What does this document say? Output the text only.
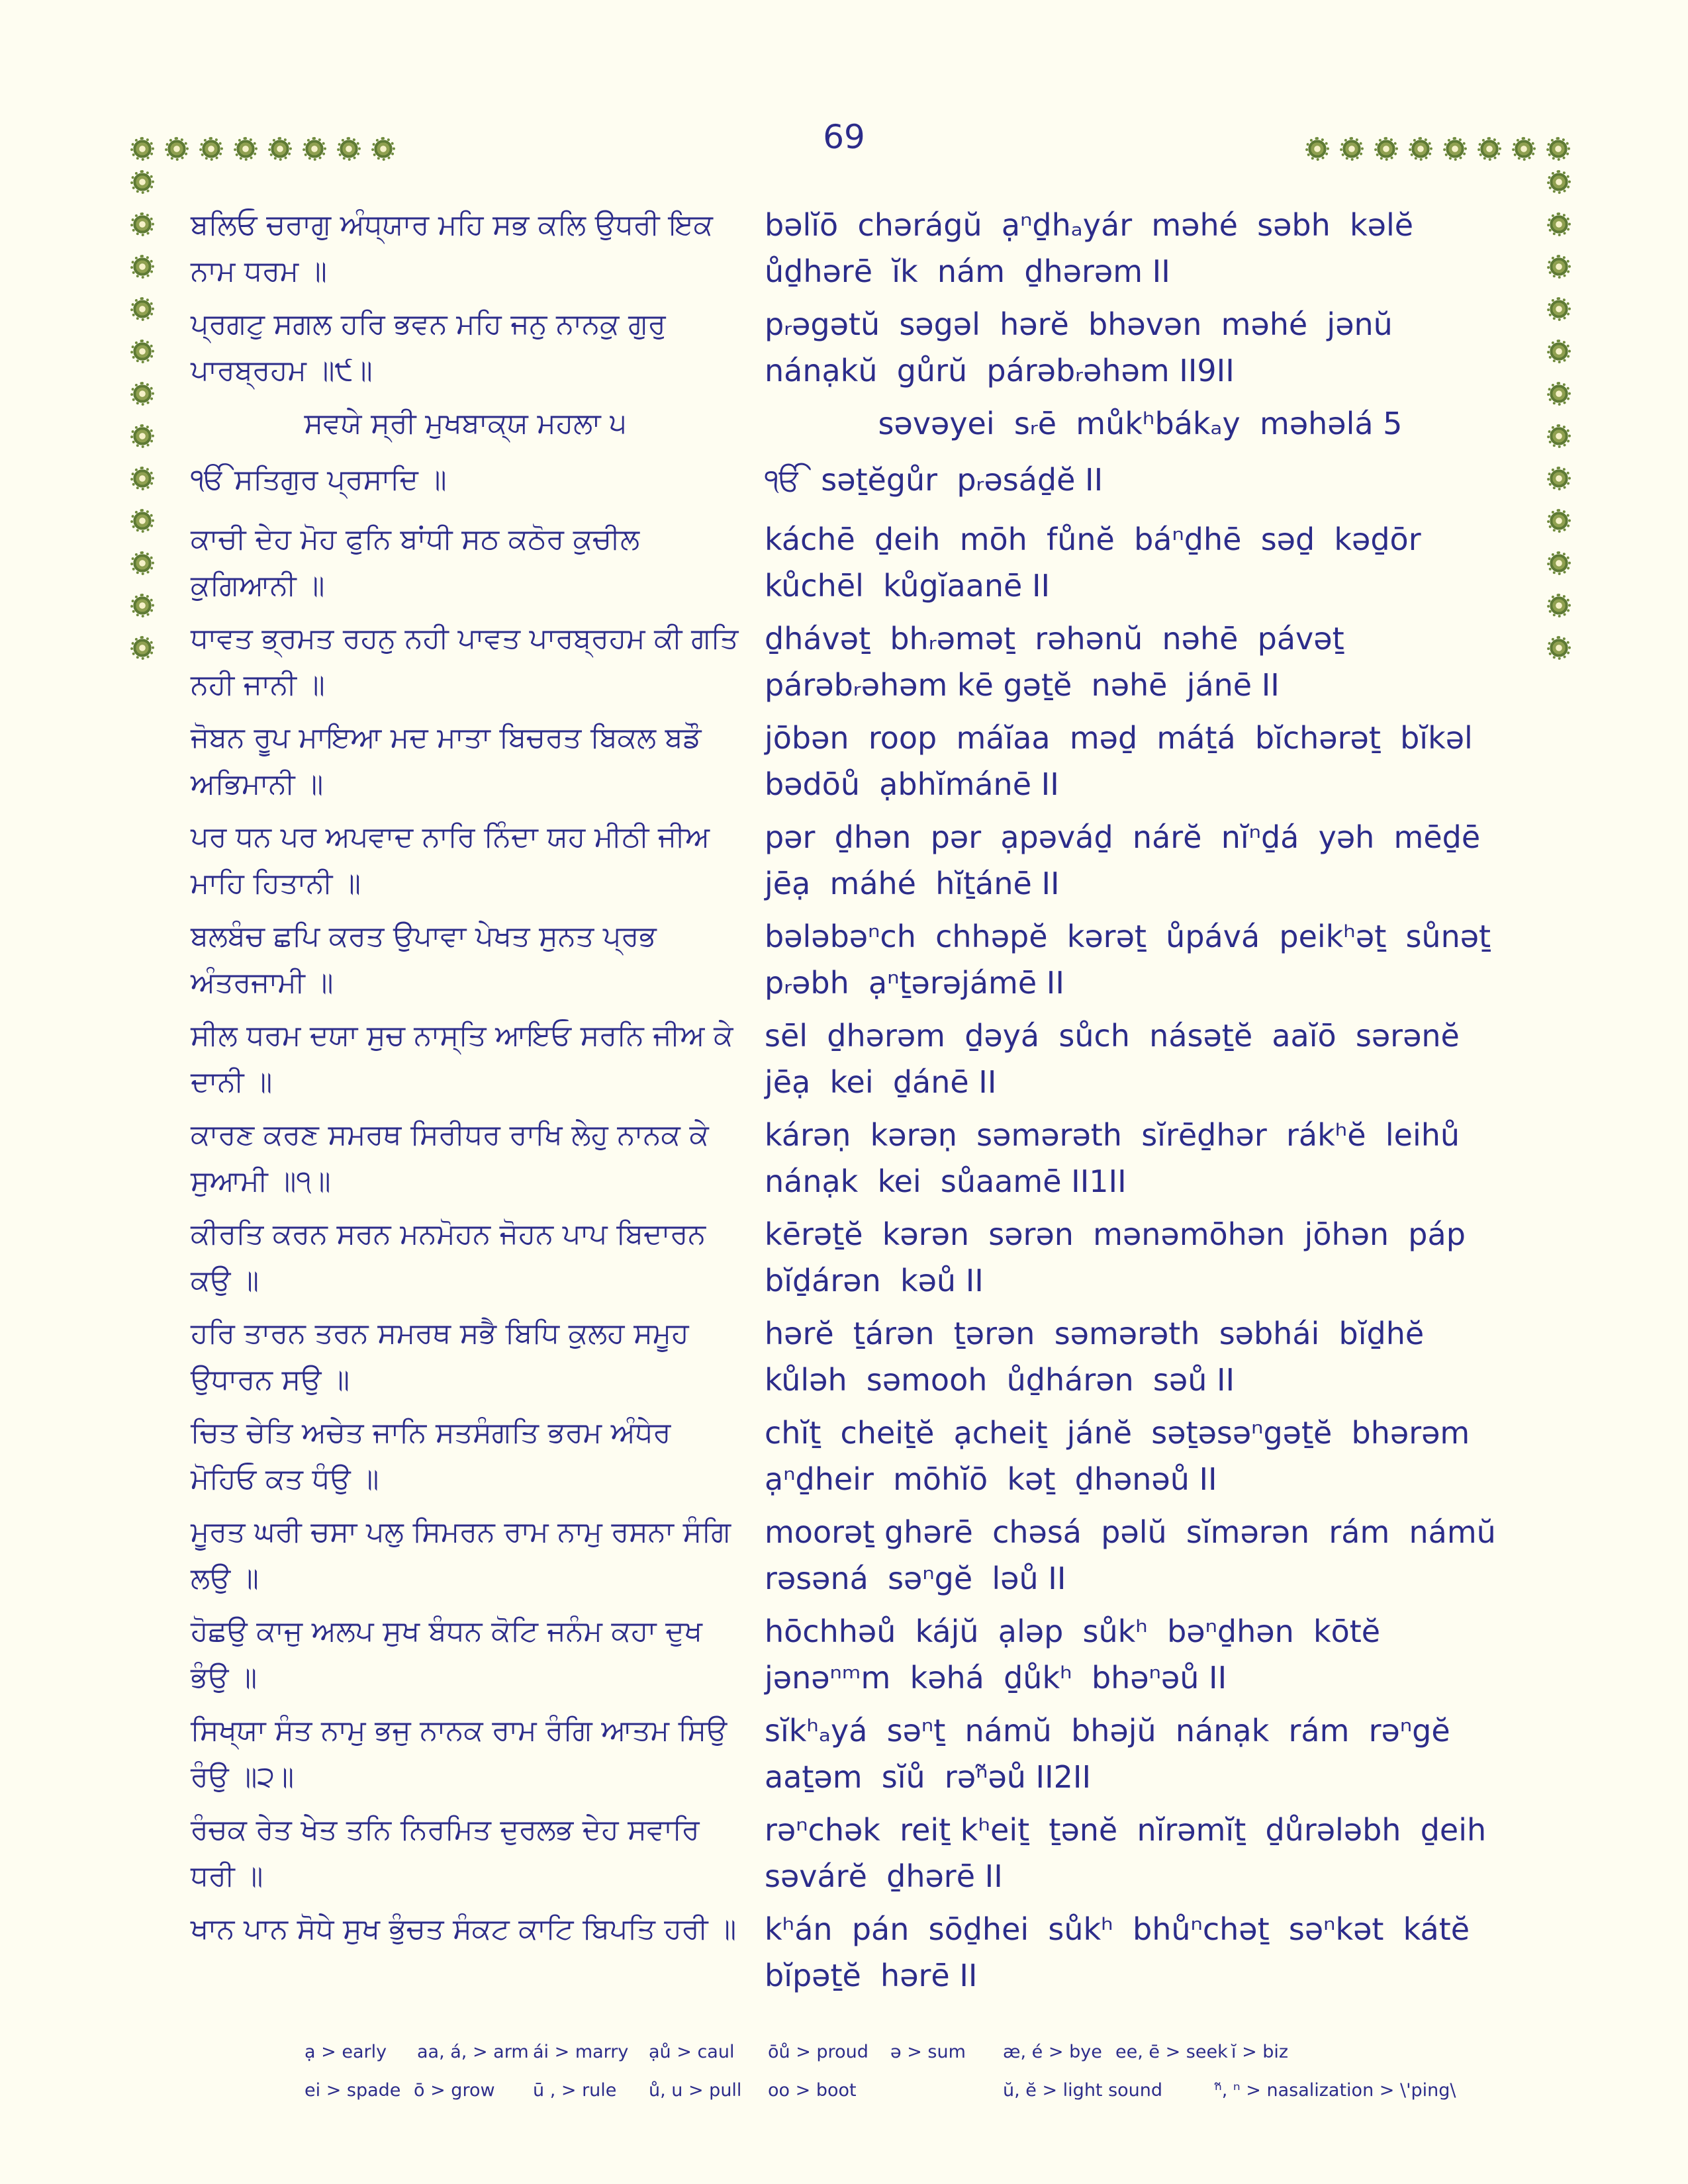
69
ਬਲਿਓ ਚਰਾਗੁ ਅੰਧ੍ਯਾਰ ਮਹਿ ਸਭ ਕਲਿ ਉਧਰੀ ਇਕ ਨਾਮ ਧਰਮ ॥
bəlĭō  chərágŭ  ạⁿḏhₐyár  məhé  səbh  kəlĕ  ůḏhərē  ĭk  nám  ḏhərəm II
ਪ੍ਰਗਟੁ ਸਗਲ ਹਰਿ ਭਵਨ ਮਹਿ ਜਨੁ ਨਾਨਕੁ ਗੁਰੁ ਪਾਰਬ੍ਰਹਮ ॥੯॥
pᵣəgətŭ  səgəl  hərĕ  bhəvən  məhé  jənŭ  nánạkŭ  gůrŭ  párəbᵣəhəm II9II
ਸਵਯੇ ਸ੍ਰੀ ਮੁਖਬਾਕ੍ਯ ਮਹਲਾ ੫	səvəyei  sᵣē  můkʰbákₐy  məhəlá 5
ੴ ਸਤਿਗੁਰ ਪ੍ਰਸਾਦਿ ॥	ੴ  səṯĕgůr  pᵣəsáḏĕ II
ਕਾਚੀ ਦੇਹ ਮੋਹ ਫੁਨਿ ਬਾਂਧੀ ਸਠ ਕਠੋਰ ਕੁਚੀਲ ਕੁਗਿਆਨੀ ॥
káchē  ḏeih  mōh  fůnĕ  báⁿḏhē  səḏ  kəḏōr  kůchēl  kůgĭaanē II
ਧਾਵਤ ਭ੍ਰਮਤ ਰਹਨੁ ਨਹੀ ਪਾਵਤ ਪਾਰਬ੍ਰਹਮ ਕੀ ਗਤਿ ਨਹੀ ਜਾਨੀ ॥
ḏhávəṯ  bhᵣəməṯ  rəhənŭ  nəhē  pávəṯ  párəbᵣəhəm kē gəṯĕ  nəhē  jánē II
ਜੋਬਨ ਰੂਪ ਮਾਇਆ ਮਦ ਮਾਤਾ ਬਿਚਰਤ ਬਿਕਲ ਬਡੌ ਅਭਿਮਾਨੀ ॥
jōbən  roop  máĭaa  məḏ  máṯá  bĭchərəṯ  bĭkəl  bədōů  ạbhĭmánē II
ਪਰ ਧਨ ਪਰ ਅਪਵਾਦ ਨਾਰਿ ਨਿੰਦਾ ਯਹ ਮੀਠੀ ਜੀਅ ਮਾਹਿ ਹਿਤਾਨੀ ॥
pər  ḏhən  pər  ạpəváḏ  nárĕ  nĭⁿḏá  yəh  mēḏē  jēạ  máhé  hĭṯánē II
ਬਲਬੰਚ ਛਪਿ ਕਰਤ ਉਪਾਵਾ ਪੇਖਤ ਸੁਨਤ ਪ੍ਰਭ ਅੰਤਰਜਾਮੀ ॥
bələbəⁿch  chhəpĕ  kərəṯ  ůpává  peikʰəṯ  sůnəṯ  pᵣəbh  ạⁿṯərəjámē II
ਸੀਲ ਧਰਮ ਦਯਾ ਸੁਚ ਨਾਸ੍ਤਿ ਆਇਓ ਸਰਨਿ ਜੀਅ ਕੇ ਦਾਨੀ ॥
sēl  ḏhərəm  ḏəyá  sůch  násəṯĕ  aaĭō  sərənĕ  jēạ  kei  ḏánē II
ਕਾਰਣ ਕਰਣ ਸਮਰਥ ਸਿਰੀਧਰ ਰਾਖਿ ਲੇਹੁ ਨਾਨਕ ਕੇ ਸੁਆਮੀ ॥੧॥
kárəṇ  kərəṇ  səmərəth  sĭrēḏhər  rákʰĕ  leihů  nánạk  kei  sůaamē II1II
ਕੀਰਤਿ ਕਰਨ ਸਰਨ ਮਨਮੋਹਨ ਜੋਹਨ ਪਾਪ ਬਿਦਾਰਨ ਕਉ ॥
kērəṯĕ  kərən  sərən  mənəmōhən  jōhən  páp  bĭḏárən  kəů II
ਹਰਿ ਤਾਰਨ ਤਰਨ ਸਮਰਥ ਸਭੈ ਬਿਧਿ ਕੁਲਹ ਸਮੂਹ ਉਧਾਰਨ ਸਉ ॥
hərĕ  ṯárən  ṯərən  səmərəth  səbhái  bĭḏhĕ  kůləh  səmooh  ůḏhárən  səů II
ਚਿਤ ਚੇਤਿ ਅਚੇਤ ਜਾਨਿ ਸਤਸੰਗਤਿ ਭਰਮ ਅੰਧੇਰ ਮੋਹਿਓ ਕਤ ਧੰਉ ॥
chĭṯ  cheiṯĕ  ạcheiṯ  jánĕ  səṯəsəⁿgəṯĕ  bhərəm  ạⁿḏheir  mōhĭō  kəṯ  ḏhənəů II
ਮੂਰਤ ਘਰੀ ਚਸਾ ਪਲੁ ਸਿਮਰਨ ਰਾਮ ਨਾਮੁ ਰਸਨਾ ਸੰਗਿ ਲਉ ॥
moorəṯ ghərē  chəsá  pəlŭ  sĭmərən  rám  námŭ  rəsəná  səⁿgĕ  ləů II
ਹੋਛਉ ਕਾਜੁ ਅਲਪ ਸੁਖ ਬੰਧਨ ਕੋਟਿ ਜਨੰਮ ਕਹਾ ਦੁਖ ਭੰਉ ॥
hōchhəů  kájŭ  ạləp  sůkʰ  bəⁿḏhən  kōtĕ  jənəⁿᵐm  kəhá  ḏůkʰ  bhəⁿəů II
ਸਿਖ੍ਯਾ ਸੰਤ ਨਾਮੁ ਭਜੁ ਨਾਨਕ ਰਾਮ ਰੰਗਿ ਆਤਮ ਸਿਉ ਰੰਉ ॥੨॥
sĭkʰₐyá  səⁿṯ  námŭ  bhəjŭ  nánạk  rám  rəⁿgĕ  aaṯəm  sĭů  rəⁿ̃əů II2II
ਰੰਚਕ ਰੇਤ ਖੇਤ ਤਨਿ ਨਿਰਮਿਤ ਦੁਰਲਭ ਦੇਹ ਸਵਾਰਿ ਧਰੀ ॥
rəⁿchək  reiṯ kʰeiṯ  ṯənĕ  nĭrəmĭṯ  ḏůrələbh  ḏeih  səvárĕ  ḏhərē II
ਖਾਨ ਪਾਨ ਸੋਧੇ ਸੁਖ ਭੁੰਚਤ ਸੰਕਟ ਕਾਟਿ ਬਿਪਤਿ ਹਰੀ ॥ kʰán  pán  sōḏhei  sůkʰ  bhůⁿchəṯ  səⁿkət  kátĕ  bĭpəṯĕ  hərē II
ạ > early aa, á, > arm ái > marry ạů > caul ōů > proud ə > sum æ, é > bye ee, ē > seek ĭ > biz
ei > spade ō > grow ū , > rule ů, u > pull oo > boot	ŭ, ĕ > light sound	ⁿ̃, ⁿ > nasalization > \'ping\
